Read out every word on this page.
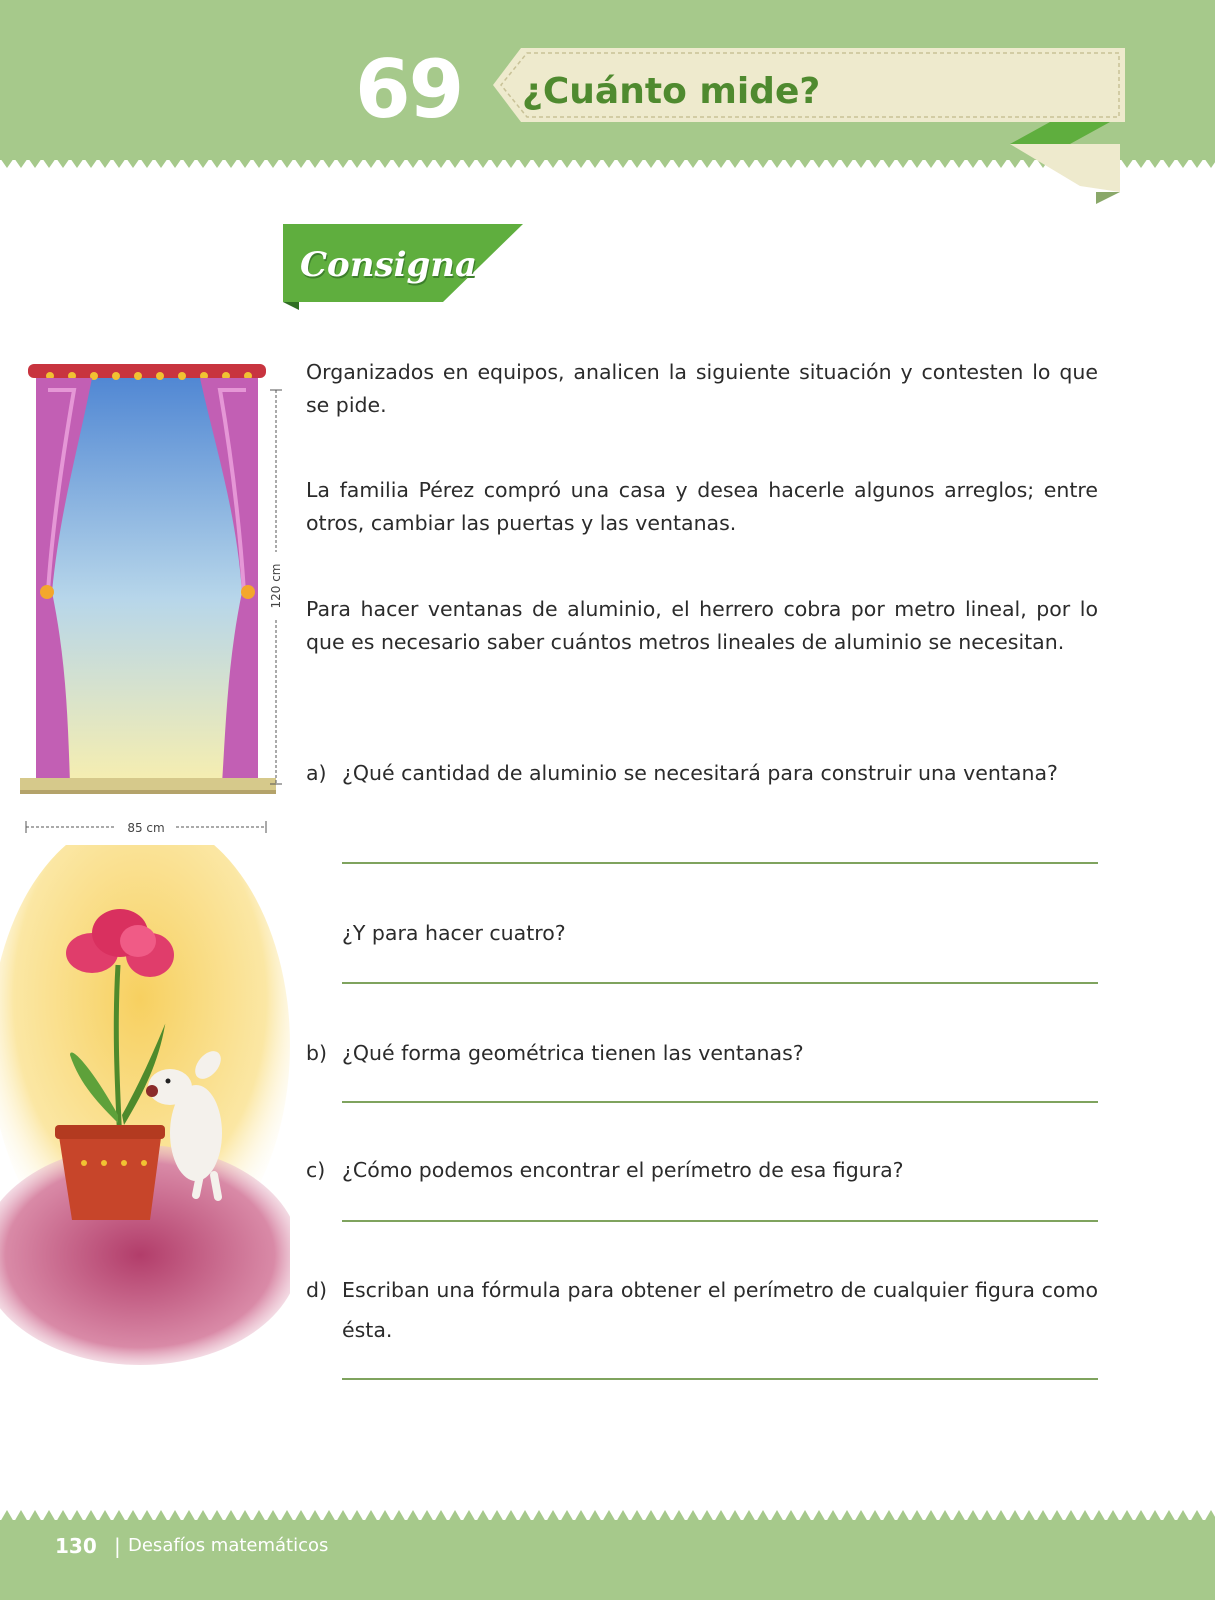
69 ¿Cuánto mide?
Consigna
120 cm
85 cm
Organizados en equipos, analicen la siguiente situación y contesten lo que se pide.
La familia Pérez compró una casa y desea hacerle algunos arreglos; entre otros, cambiar las puertas y las ventanas.
Para hacer ventanas de aluminio, el herrero cobra por metro lineal, por lo que es necesario saber cuántos metros lineales de aluminio se necesitan.
a) ¿Qué cantidad de aluminio se necesitará para construir una ventana?
¿Y para hacer cuatro?
b) ¿Qué forma geométrica tienen las ventanas?
c) ¿Cómo podemos encontrar el perímetro de esa figura?
d) Escriban una fórmula para obtener el perímetro de cualquier figura como ésta.
130 | Desafíos matemáticos
